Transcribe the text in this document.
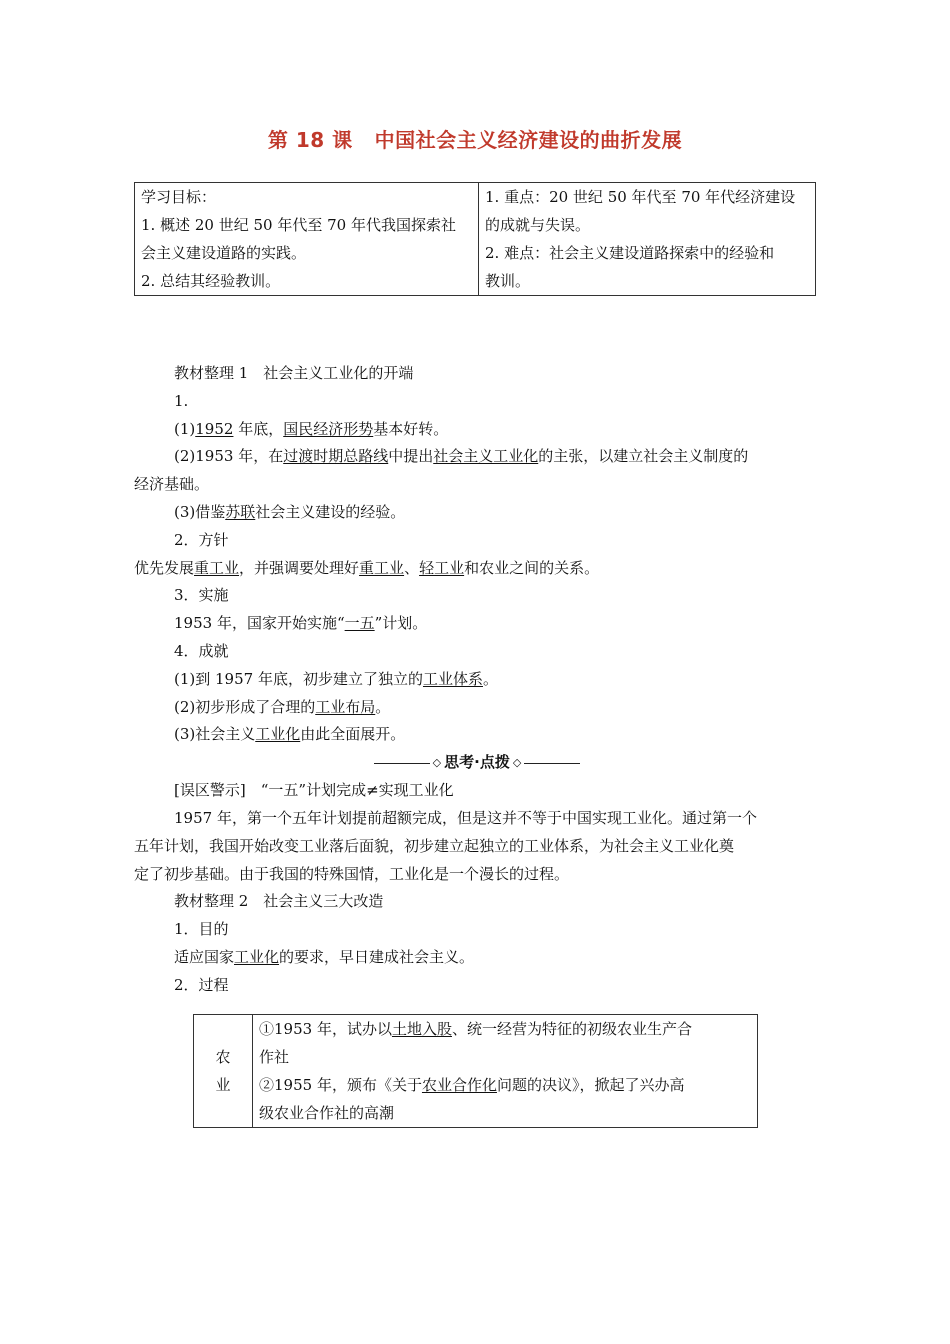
第 18 课 中国社会主义经济建设的曲折发展
学习目标：
1. 概述 20 世纪 50 年代至 70 年代我国探索社
会主义建设道路的实践。
2. 总结其经验教训。
1. 重点：20 世纪 50 年代至 70 年代经济建设
的成就与失误。
2. 难点：社会主义建设道路探索中的经验和
教训。

教材整理 1　社会主义工业化的开端

1.

(1)1952 年底，国民经济形势基本好转。

(2)1953 年，在过渡时期总路线中提出社会主义工业化的主张，以建立社会主义制度的

经济基础。

(3)借鉴苏联社会主义建设的经验。

2．方针

优先发展重工业，并强调要处理好重工业、轻工业和农业之间的关系。

3．实施

1953 年，国家开始实施“一五”计划。

4．成就

(1)到 1957 年底，初步建立了独立的工业体系。

(2)初步形成了合理的工业布局。

(3)社会主义工业化由此全面展开。

◇ 思考·点拨 ◇

[误区警示]　 “一五”计划完成≠实现工业化

1957 年，第一个五年计划提前超额完成，但是这并不等于中国实现工业化。通过第一个

五年计划，我国开始改变工业落后面貌，初步建立起独立的工业体系，为社会主义工业化奠

定了初步基础。由于我国的特殊国情，工业化是一个漫长的过程。

教材整理 2　社会主义三大改造

1．目的

适应国家工业化的要求，早日建成社会主义。

2．过程

农
业
①1953 年，试办以土地入股、统一经营为特征的初级农业生产合
作社
②1955 年，颁布《关于农业合作化问题的决议》，掀起了兴办高
级农业合作社的高潮
